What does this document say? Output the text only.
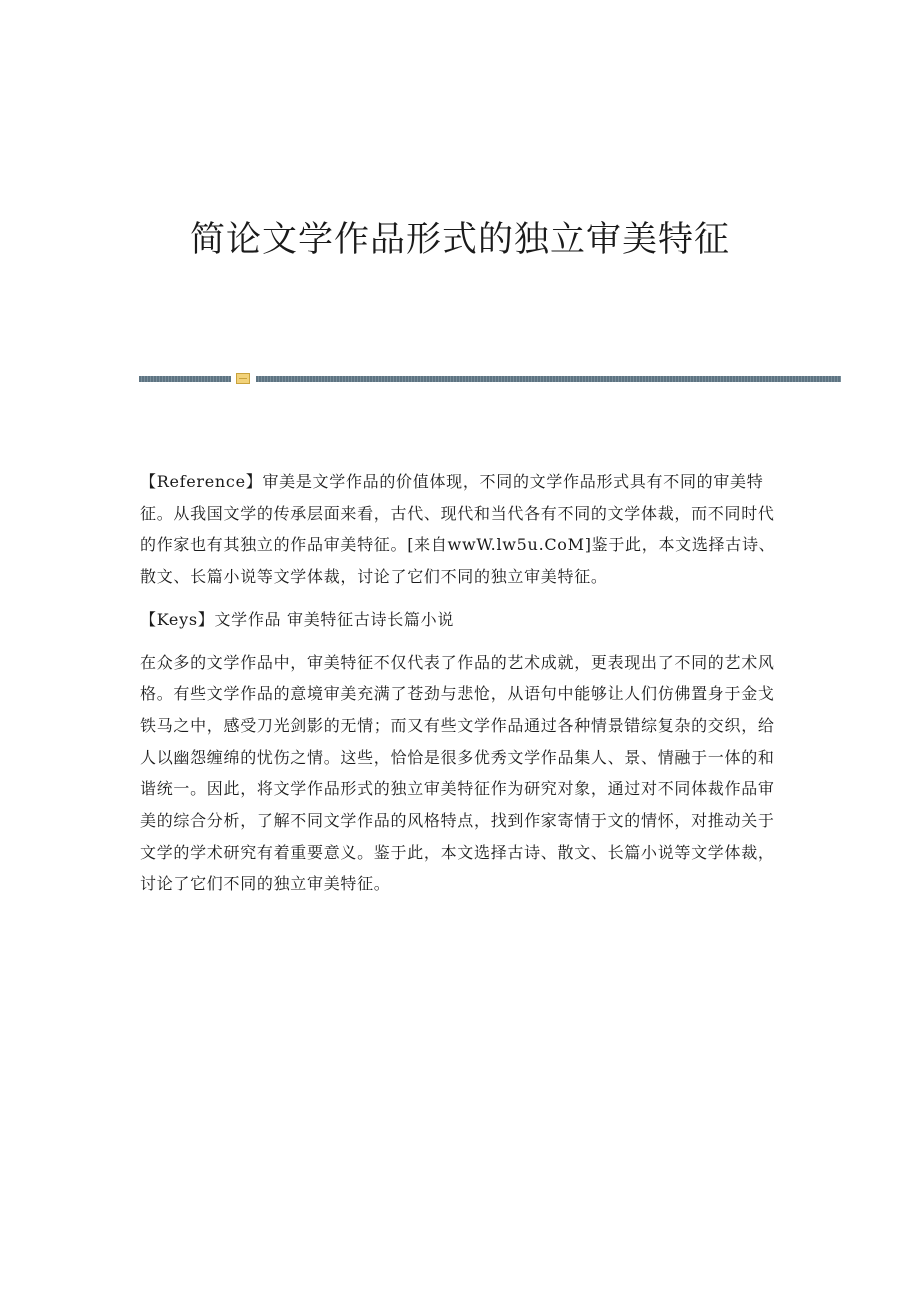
简论文学作品形式的独立审美特征

【Reference】审美是文学作品的价值体现，不同的文学作品形式具有不同的审美特征。从我国文学的传承层面来看，古代、现代和当代各有不同的文学体裁，而不同时代的作家也有其独立的作品审美特征。[来自wwW.lw5u.CoM]鉴于此，本文选择古诗、散文、长篇小说等文学体裁，讨论了它们不同的独立审美特征。

【Keys】文学作品 审美特征古诗长篇小说

在众多的文学作品中，审美特征不仅代表了作品的艺术成就，更表现出了不同的艺术风格。有些文学作品的意境审美充满了苍劲与悲怆，从语句中能够让人们仿佛置身于金戈铁马之中，感受刀光剑影的无情；而又有些文学作品通过各种情景错综复杂的交织，给人以幽怨缠绵的忧伤之情。这些，恰恰是很多优秀文学作品集人、景、情融于一体的和谐统一。因此，将文学作品形式的独立审美特征作为研究对象，通过对不同体裁作品审美的综合分析，了解不同文学作品的风格特点，找到作家寄情于文的情怀，对推动关于文学的学术研究有着重要意义。鉴于此，本文选择古诗、散文、长篇小说等文学体裁，讨论了它们不同的独立审美特征。
